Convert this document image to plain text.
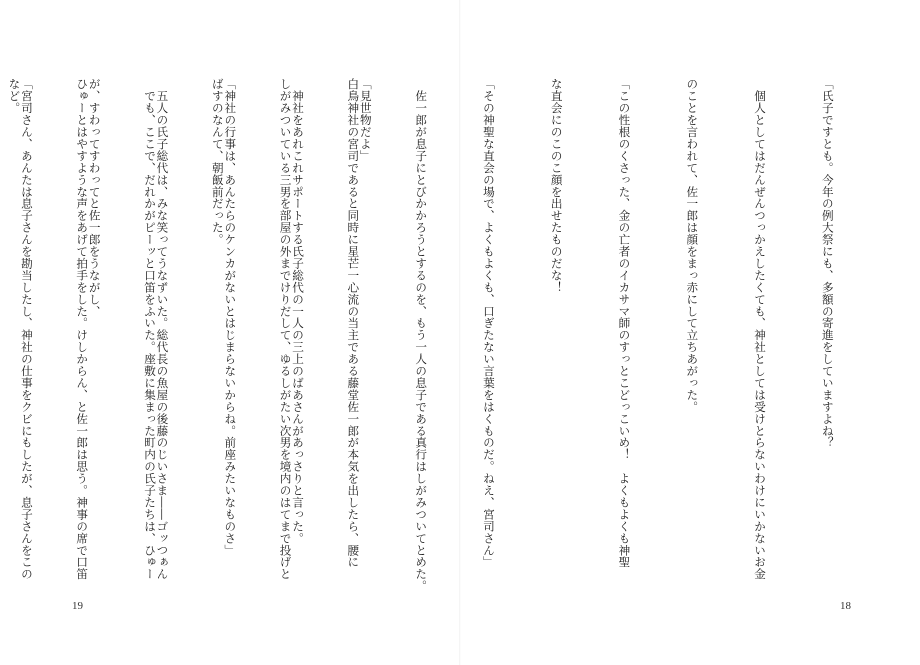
「見世物だよ」

　神社をあれこれサポートする氏子総代の一人の三上のばあさんがあっさりと言った。

「神社の行事は、あんたらのケンカがないとはじまらないからね。前座みたいなものさ」

　五人の氏子総代は、みな笑ってうなずいた。総代長の魚屋の後藤のじいさま――ゴッつぁん

が、すわってすわってと佐一郎をうながし、

「宮司さん、あんたは息子さんを勘当したし、神社の仕事をクビにもしたが、息子さんをこの

19

「氏子ですとも。今年の例大祭にも、多額の寄進をしていますよね？

　個人としてはだんぜんつっかえしたくても、神社としては受けとらないわけにいかないお金

のことを言われて、佐一郎は顔をまっ赤にして立ちあがった。

「この性根のくさった、金の亡者のイカサマ師のすっとこどっこいめ！　よくもよくも神聖

な直会にのこのこ顔を出せたものだな！

「その神聖な直会の場で、よくもよくも、口ぎたない言葉をはくものだ。ねえ、宮司さん」

　佐一郎が息子にとびかかろうとするのを、もう一人の息子である真行はしがみついてとめた。

白鳥神社の宮司であると同時に星芒一心流の当主である藤堂佐一郎が本気を出したら、腰に

しがみついている三男を部屋の外までけりだして、ゆるしがたい次男を境内のはてまで投げと

ばすのなんて、朝飯前だった。

　でも、ここで、だれかがピーッと口笛をふいた。座敷に集まった町内の氏子たちは、ひゅー

ひゅーとはやすような声をあげて拍手をした。けしからん、と佐一郎は思う。神事の席で口笛

など。

18
